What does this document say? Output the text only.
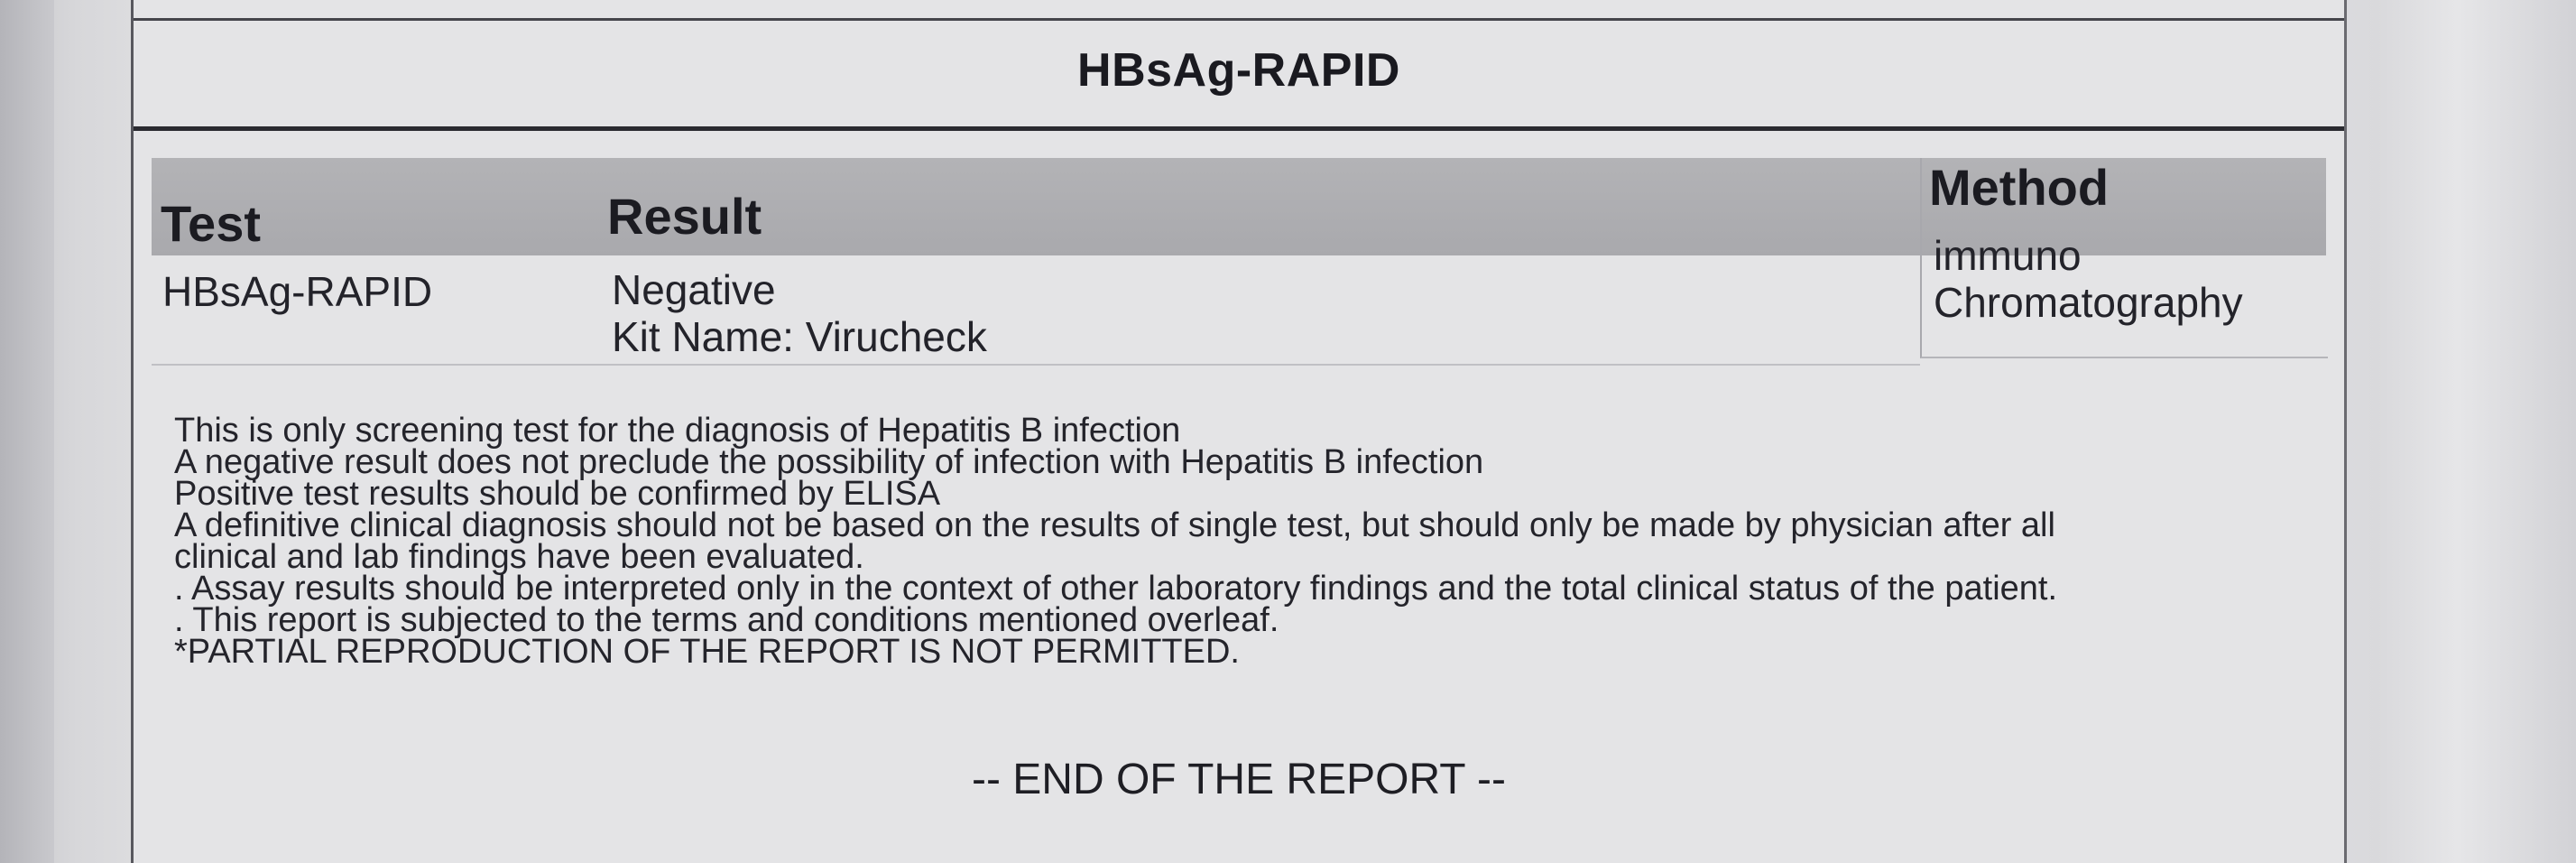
HBsAg-RAPID
Test	Result
Method
HBsAg-RAPID	Negative
Kit Name: Virucheck
immuno
Chromatography
This is only screening test for the diagnosis of Hepatitis B infection
A negative result does not preclude the possibility of infection with Hepatitis B infection
Positive test results should be confirmed by ELISA
A definitive clinical diagnosis should not be based on the results of single test, but should only be made by physician after all
clinical and lab findings have been evaluated.
. Assay results should be interpreted only in the context of other laboratory findings and the total clinical status of the patient.
. This report is subjected to the terms and conditions mentioned overleaf.
*PARTIAL REPRODUCTION OF THE REPORT IS NOT PERMITTED.
-- END OF THE REPORT --
